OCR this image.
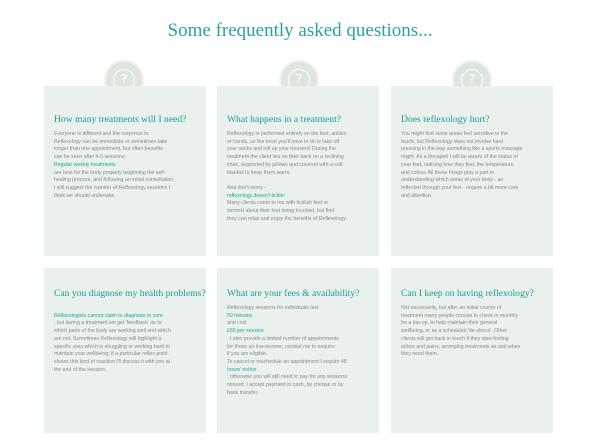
Some frequently asked questions...
?	?	?
How many treatments will I need?

Everyone is different and the response to

Reflexology can be immediate or sometimes take

longer than one appointment, but often benefits

can be seen after 4-5 sessions.

Regular weekly treatments

are best for the body properly beginning the self-

healing process, and following an initial consultation

I will suggest the number of Reflexology sessions I

think we should undertake.

What happens in a treatment?

Reflexology is performed entirely on the feet, ankles

or hands, so the most you'll have to do is take off

your socks and roll up your trousers! During the

treatment the client lies on their back on a reclining

chair, supported by pillows and covered with a soft

blanket to keep them warm.

And don't worry -

reflexology doesn't tickle!

Many clients come to me with ticklish feet or

worried about their feet being touched, but find

they can relax and enjoy the benefits of Reflexology.

Does reflexology hurt?

You might find some areas feel sensitive to the

touch, but Reflexology does not involve hard

pressing in the way something like a sports massage

might. As a therapist I will be aware of the status of

your feet, noticing how they feel, the temperature

and colour. All these things play a part in

understanding which areas of your body - as

reflected through your feet - require a bit more care

and attention.

Can you diagnose my health problems?

Reflexologists cannot claim to diagnose or cure

, but during a treatment we get 'feedback' as to

which parts of the body are working well and which

are not. Sometimes Reflexology will highlight a

specific area which is struggling or working hard to

maintain your wellbeing; if a particular reflex point

shows this kind of reaction I'll discuss it with you at

the end of the session.

What are your fees & availability?

Reflexology sessions for individuals last

50 minutes

and cost

£60 per session

. I also provide a limited number of appointments

for those on low-income; contact me to enquire

if you are eligible.

To cancel or reschedule an appointment I require 48

hours' notice

; otherwise you will still need to pay for any sessions

missed. I accept payment in cash, by cheque or by

bank transfer.

Can I keep on having reflexology?

Not necessarily, but after an initial course of

treatment many people choose to check in monthly

for a top-up, to help maintain their general

wellbeing, or as a scheduled 'de-stress'. Other

clients will get back in touch if they start feeling

aches and pains, arranging treatments as and when

they need them.
